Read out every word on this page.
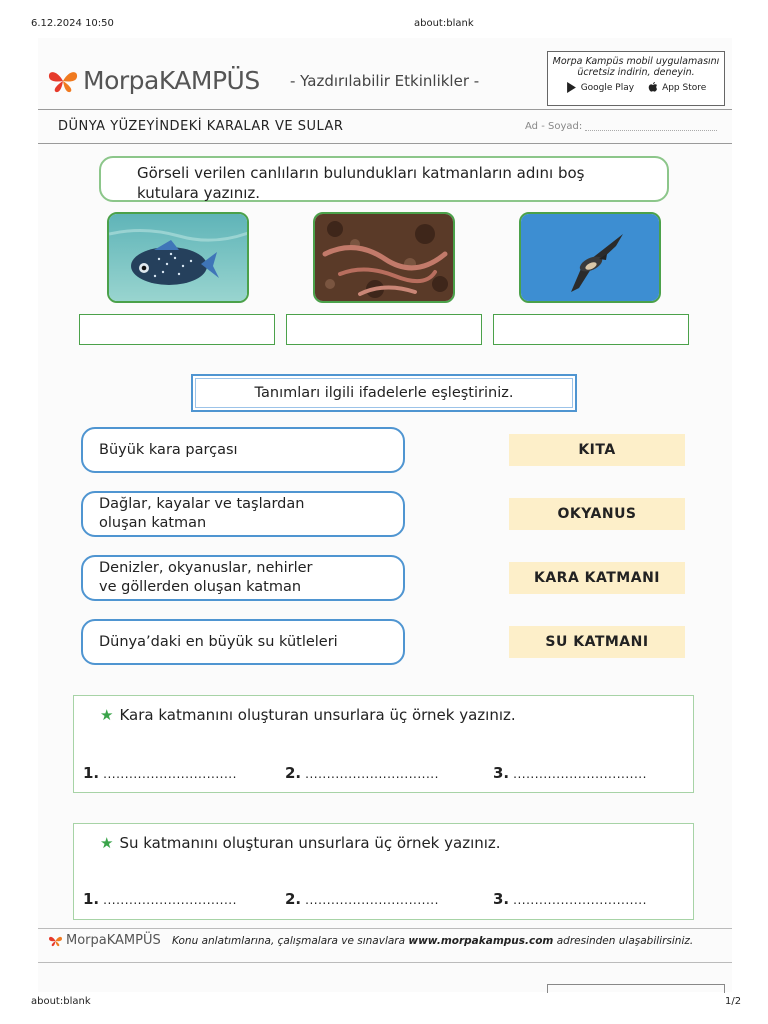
6.12.2024 10:50	about:blank
about:blank	1/2
MorpaKAMPÜS - Yazdırılabilir Etkinlikler -
Morpa Kampüs mobil uygulamasını
ücretsiz indirin, deneyin.
Google Play	App Store
DÜNYA YÜZEYİNDEKİ KARALAR VE SULAR	Ad - Soyad:
Görseli verilen canlıların bulundukları katmanların adını boş
kutulara yazınız.
Tanımları ilgili ifadelerle eşleştiriniz.
Büyük kara parçası
Dağlar, kayalar ve taşlardan
oluşan katman
Denizler, okyanuslar, nehirler
ve göllerden oluşan katman
Dünya’daki en büyük su kütleleri
KITA
OKYANUS
KARA KATMANI
SU KATMANI
★ Kara katmanını oluşturan unsurlara üç örnek yazınız.
1. ...............................	2. ...............................	3. ...............................
★ Su katmanını oluşturan unsurlara üç örnek yazınız.
1. ...............................	2. ...............................	3. ...............................
MorpaKAMPÜS Konu anlatımlarına, çalışmalara ve sınavlara www.morpakampus.com adresinden ulaşabilirsiniz.
